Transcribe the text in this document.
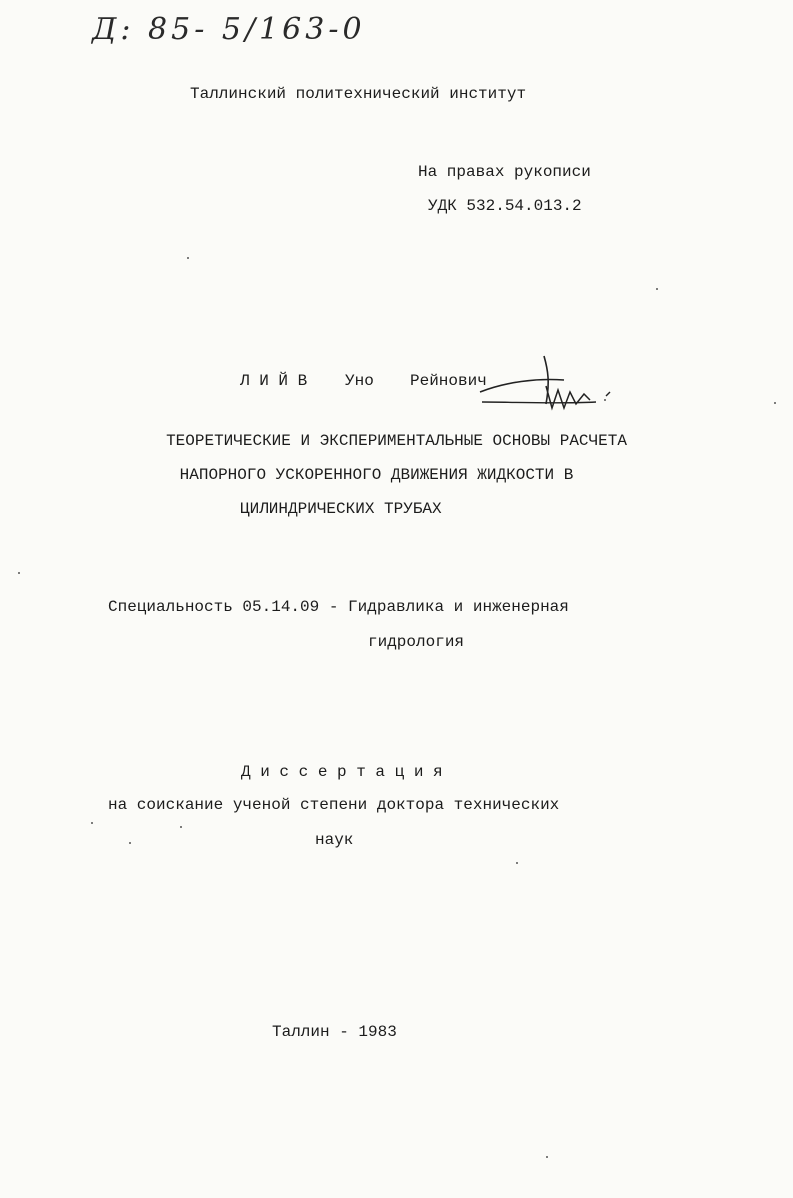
Д: 85- 5/163-0
Таллинский политехнический институт
На правах рукописи
УДК 532.54.013.2
Л И Й В Уно Рейнович
ТЕОРЕТИЧЕСКИЕ И ЭКСПЕРИМЕНТАЛЬНЫЕ ОСНОВЫ РАСЧЕТА
НАПОРНОГО УСКОРЕННОГО ДВИЖЕНИЯ ЖИДКОСТИ В
ЦИЛИНДРИЧЕСКИХ ТРУБАХ
Специальность 05.14.09 - Гидравлика и инженерная
гидрология
Д и с с е р т а ц и я
на соискание ученой степени доктора технических
наук
Таллин - 1983
